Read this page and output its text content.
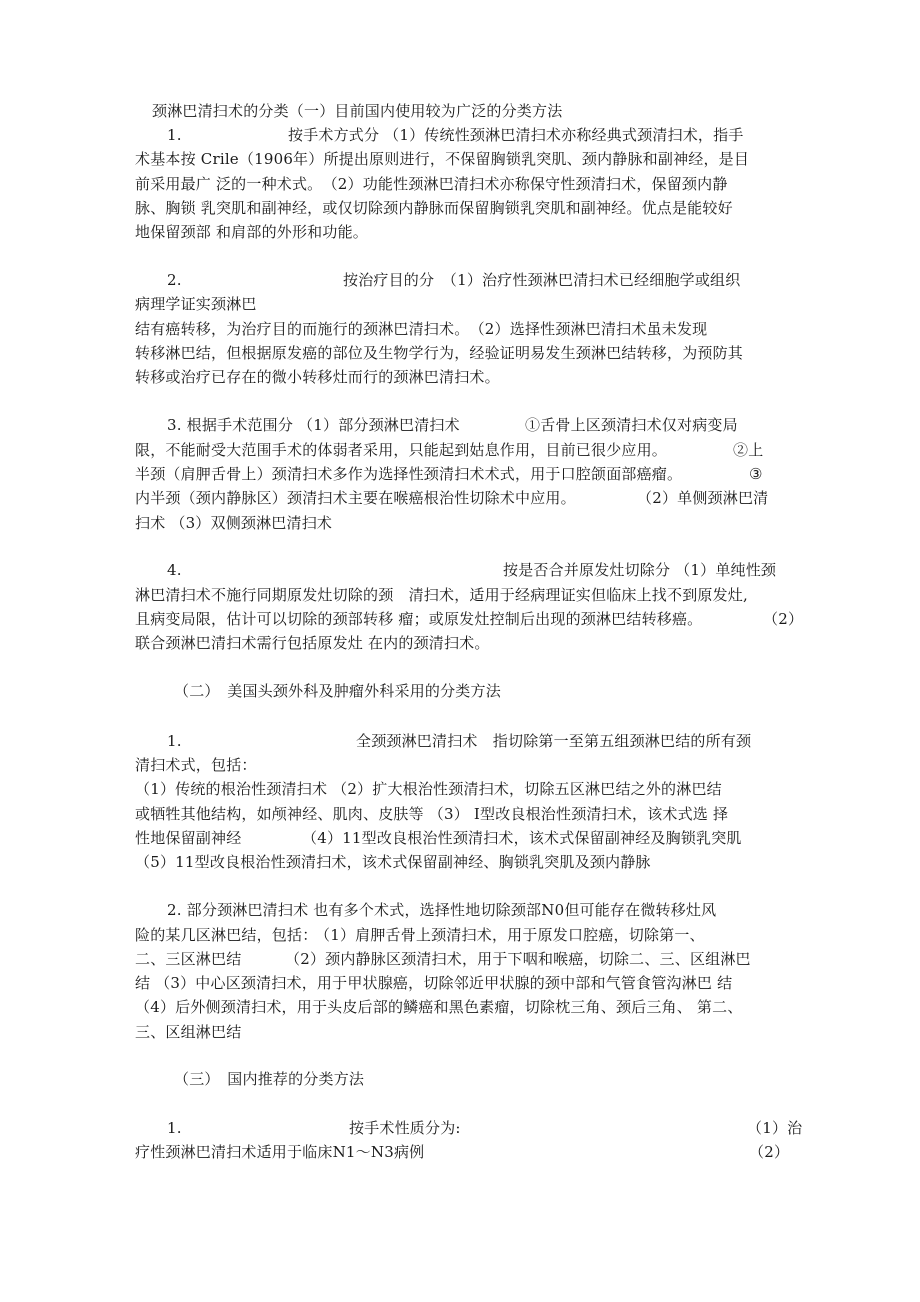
颈淋巴清扫术的分类（一）目前国内使用较为广泛的分类方法
1.	按手术方式分 （1）传统性颈淋巴清扫术亦称经典式颈清扫术，指手
术基本按 Crile（1906年）所提出原则进行，不保留胸锁乳突肌、颈内静脉和副神经，是目
前采用最广 泛的一种术式。　（2）功能性颈淋巴清扫术亦称保守性颈清扫术，保留颈内静
脉、胸锁 乳突肌和副神经，或仅切除颈内静脉而保留胸锁乳突肌和副神经。优点是能较好
地保留颈部 和肩部的外形和功能。
2.	按治疗目的分　（1）治疗性颈淋巴清扫术已经细胞学或组织
病理学证实颈淋巴
结有癌转移，为治疗目的而施行的颈淋巴清扫术。　（2）选择性颈淋巴清扫术虽未发现
转移淋巴结，但根据原发癌的部位及生物学行为，经验证明易发生颈淋巴结转移，为预防其
转移或治疗已存在的微小转移灶而行的颈淋巴清扫术。
3. 根据手术范围分 （1）部分颈淋巴清扫术	①舌骨上区颈清扫术仅对病变局
限，不能耐受大范围手术的体弱者采用，只能起到姑息作用，目前已很少应用。	②上
半颈（肩胛舌骨上）颈清扫术多作为选择性颈清扫术术式，用于口腔颌面部癌瘤。	③
内半颈（颈内静脉区）颈清扫术主要在喉癌根治性切除术中应用。	（2）单侧颈淋巴清
扫术 （3）双侧颈淋巴清扫术
4.	按是否合并原发灶切除分 （1）单纯性颈
淋巴清扫术不施行同期原发灶切除的颈　清扫术，适用于经病理证实但临床上找不到原发灶,
且病变局限，估计可以切除的颈部转移 瘤；或原发灶控制后出现的颈淋巴结转移癌。	（2）
联合颈淋巴清扫术需行包括原发灶 在内的颈清扫术。
（二）　美国头颈外科及肿瘤外科采用的分类方法
1.	全颈颈淋巴清扫术　指切除第一至第五组颈淋巴结的所有颈
清扫术式，包括：
（1）传统的根治性颈清扫术 （2）扩大根治性颈清扫术，切除五区淋巴结之外的淋巴结
或牺牲其他结构，如颅神经、肌肉、皮肤等 （3） I型改良根治性颈清扫术，该术式选 择
性地保留副神经	（4）11型改良根治性颈清扫术，该术式保留副神经及胸锁乳突肌
（5）11型改良根治性颈清扫术，该术式保留副神经、胸锁乳突肌及颈内静脉
2. 部分颈淋巴清扫术 也有多个术式，选择性地切除颈部N0但可能存在微转移灶风
险的某几区淋巴结，包括：
（1）肩胛舌骨上颈清扫术，用于原发口腔癌，切除第一、
二、三区淋巴结	（2）颈内静脉区颈清扫术，用于下咽和喉癌，切除二、三、区组淋巴
结 （3）中心区颈清扫术，用于甲状腺癌，切除邻近甲状腺的颈中部和气管食管沟淋巴 结
（4）后外侧颈清扫术，用于头皮后部的鳞癌和黑色素瘤，切除枕三角、颈后三角、 第二、
三、区组淋巴结
（三）　国内推荐的分类方法
1.	按手术性质分为:	（1）治
疗性颈淋巴清扫术适用于临床N1〜N3病例	（2）
